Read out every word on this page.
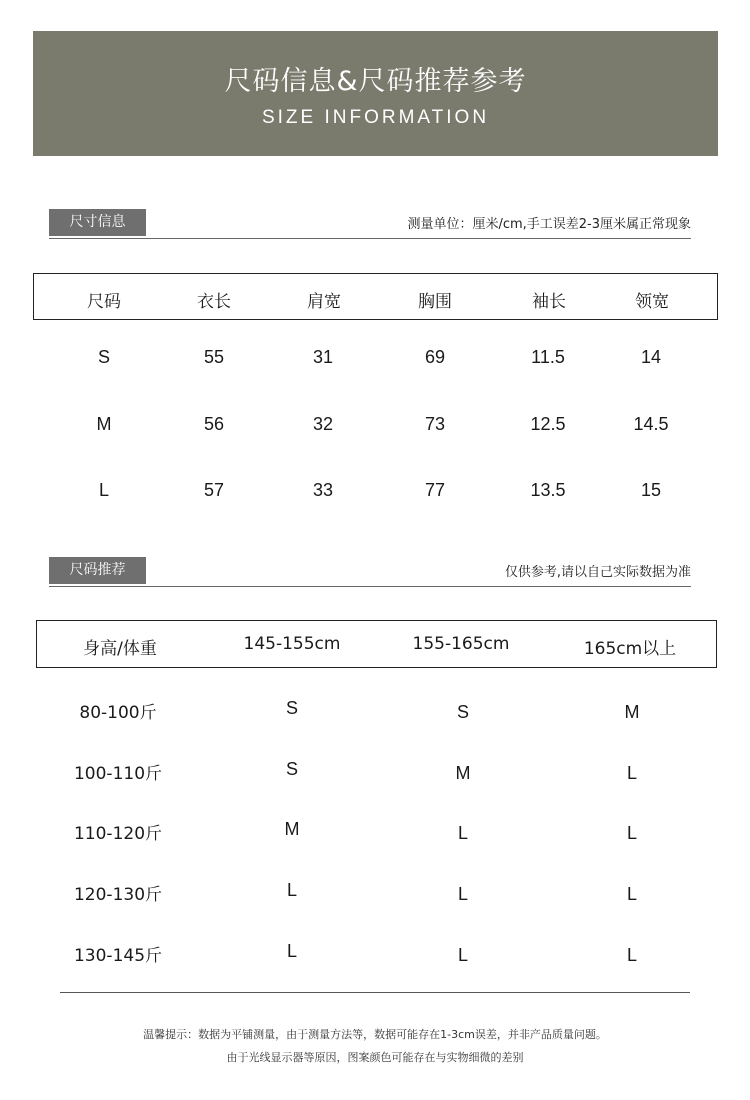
尺码信息&尺码推荐参考
SIZE INFORMATION
尺寸信息	测量单位：厘米/cm,手工误差2-3厘米属正常现象
尺码	衣长	肩宽	胸围	袖长	领宽
S	55	31	69	11.5	14
M	56	32	73	12.5	14.5
L	57	33	77	13.5	15
尺码推荐	仅供参考,请以自己实际数据为准
身高/体重	145-155cm	155-165cm	165cm以上
80-100斤	S	S	M
100-110斤	S	M	L
110-120斤	M	L	L
120-130斤	L	L	L
130-145斤	L	L	L
温馨提示：数据为平铺测量，由于测量方法等，数据可能存在1-3cm误差，并非产品质量问题。
由于光线显示器等原因，图案颜色可能存在与实物细微的差别
